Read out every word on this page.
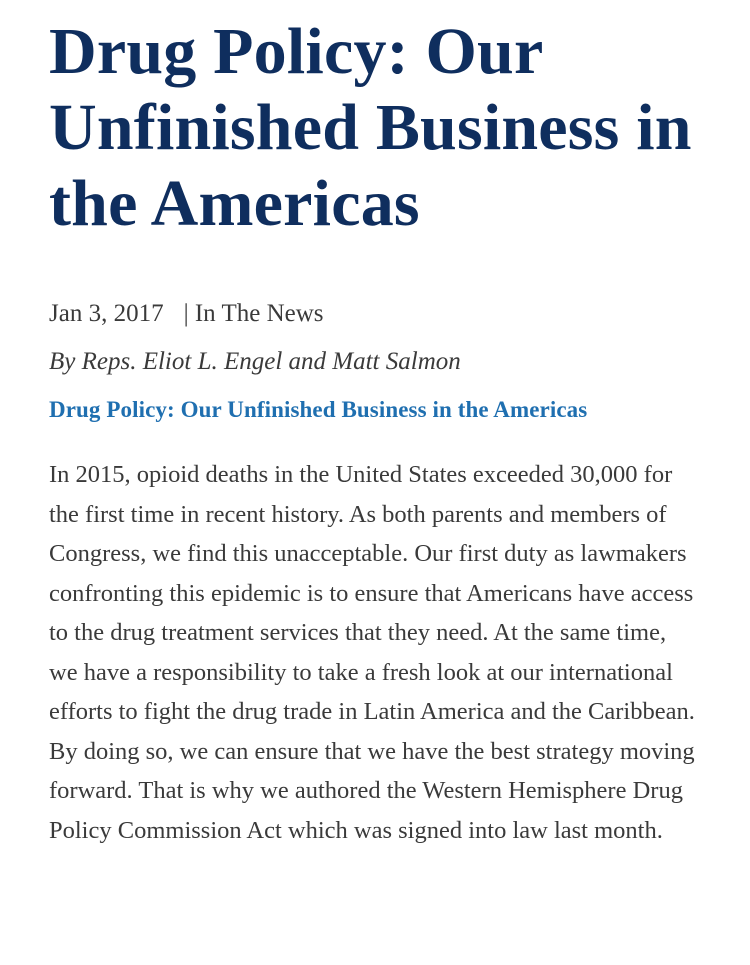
Drug Policy: Our Unfinished Business in the Americas
Jan 3, 2017 | In The News
By Reps. Eliot L. Engel and Matt Salmon
Drug Policy: Our Unfinished Business in the Americas

In 2015, opioid deaths in the United States exceeded 30,000 for the first time in recent history. As both parents and members of Congress, we find this unacceptable. Our first duty as lawmakers confronting this epidemic is to ensure that Americans have access to the drug treatment services that they need. At the same time, we have a responsibility to take a fresh look at our international efforts to fight the drug trade in Latin America and the Caribbean. By doing so, we can ensure that we have the best strategy moving forward. That is why we authored the Western Hemisphere Drug Policy Commission Act which was signed into law last month.
